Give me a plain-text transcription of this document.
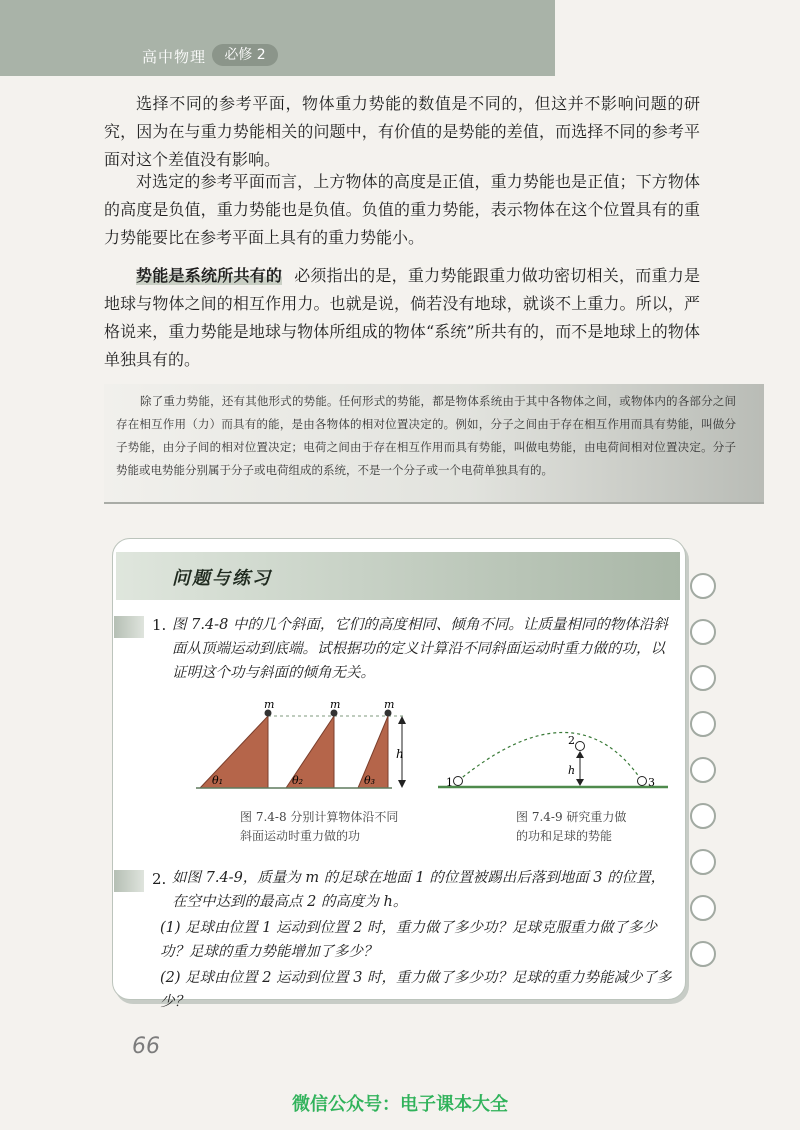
高中物理	必修 2

选择不同的参考平面，物体重力势能的数值是不同的，但这并不影响问题的研究，因为在与重力势能相关的问题中，有价值的是势能的差值，而选择不同的参考平面对这个差值没有影响。

对选定的参考平面而言，上方物体的高度是正值，重力势能也是正值；下方物体的高度是负值，重力势能也是负值。负值的重力势能，表示物体在这个位置具有的重力势能要比在参考平面上具有的重力势能小。

势能是系统所共有的 必须指出的是，重力势能跟重力做功密切相关，而重力是地球与物体之间的相互作用力。也就是说，倘若没有地球，就谈不上重力。所以，严格说来，重力势能是地球与物体所组成的物体“系统”所共有的，而不是地球上的物体单独具有的。

除了重力势能，还有其他形式的势能。任何形式的势能，都是物体系统由于其中各物体之间，或物体内的各部分之间存在相互作用（力）而具有的能，是由各物体的相对位置决定的。例如，分子之间由于存在相互作用而具有势能，叫做分子势能，由分子间的相对位置决定；电荷之间由于存在相互作用而具有势能，叫做电势能，由电荷间相对位置决定。分子势能或电势能分别属于分子或电荷组成的系统，不是一个分子或一个电荷单独具有的。

问题与练习
1. 图 7.4-8 中的几个斜面，它们的高度相同、倾角不同。让质量相同的物体沿斜面从顶端运动到底端。试根据功的定义计算沿不同斜面运动时重力做的功，以证明这个功与斜面的倾角无关。

m	m	m
h
θ₁	θ₂	θ₃
h
1
2
3
图 7.4-8 分别计算物体沿不同斜面运动时重力做的功
图 7.4-9 研究重力做的功和足球的势能
2. 如图 7.4-9，质量为 m 的足球在地面 1 的位置被踢出后落到地面 3 的位置，在空中达到的最高点 2 的高度为 h。

(1) 足球由位置 1 运动到位置 2 时，重力做了多少功？足球克服重力做了多少功？足球的重力势能增加了多少？

(2) 足球由位置 2 运动到位置 3 时，重力做了多少功？足球的重力势能减少了多少？

66
微信公众号：电子课本大全
